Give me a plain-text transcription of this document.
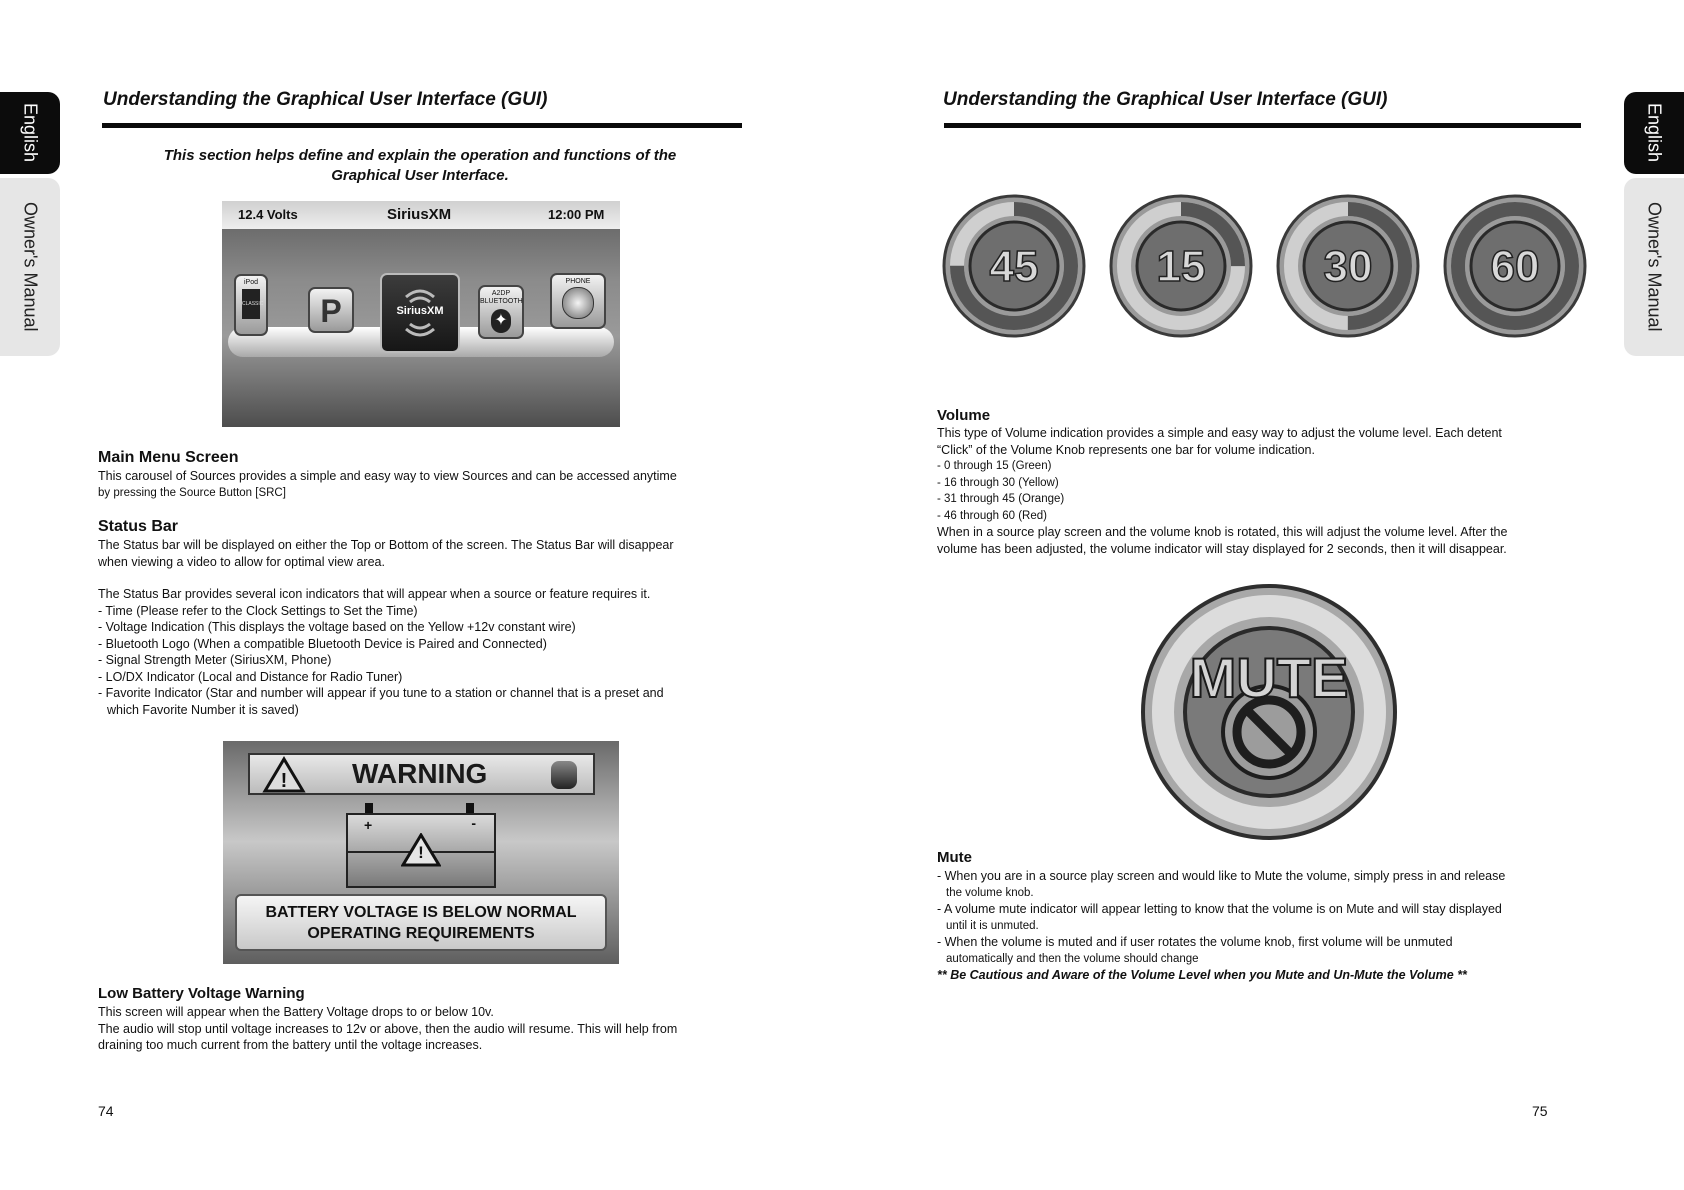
English
Owner's Manual
Understanding the Graphical User Interface (GUI)
This section helps define and explain the operation and functions of the
Graphical User Interface.
12.4 Volts	SiriusXM	12:00 PM
iPod
CLASSIC	P	SiriusXM
A2DP
BLUETOOTH
✦
PHONE
Main Menu Screen

This carousel of Sources provides a simple and easy way to view Sources and can be accessed anytime

by pressing the Source Button [SRC]

Status Bar

The Status bar will be displayed on either the Top or Bottom of the screen. The Status Bar will disappear

when viewing a video to allow for optimal view area.

The Status Bar provides several icon indicators that will appear when a source or feature requires it.

- Time (Please refer to the Clock Settings to Set the Time)

- Voltage Indication (This displays the voltage based on the Yellow +12v constant wire)

- Bluetooth Logo (When a compatible Bluetooth Device is Paired and Connected)

- Signal Strength Meter (SiriusXM, Phone)

- LO/DX Indicator (Local and Distance for Radio Tuner)

- Favorite Indicator (Star and number will appear if you tune to a station or channel that is a preset and

which Favorite Number it is saved)

! WARNING
+	-
!
BATTERY VOLTAGE IS BELOW NORMAL
OPERATING REQUIREMENTS
Low Battery Voltage Warning

This screen will appear when the Battery Voltage drops to or below 10v.

The audio will stop until voltage increases to 12v or above, then the audio will resume. This will help from

draining too much current from the battery until the voltage increases.

74
English
Owner's Manual
Understanding the Graphical User Interface (GUI)
45	15	30	60
Volume

This type of Volume indication provides a simple and easy way to adjust the volume level. Each detent

“Click” of the Volume Knob represents one bar for volume indication.

- 0 through 15 (Green)

- 16 through 30 (Yellow)

- 31 through 45 (Orange)

- 46 through 60 (Red)

When in a source play screen and the volume knob is rotated, this will adjust the volume level. After the

volume has been adjusted, the volume indicator will stay displayed for 2 seconds, then it will disappear.

MUTE
Mute

- When you are in a source play screen and would like to Mute the volume, simply press in and release

the volume knob.

- A volume mute indicator will appear letting to know that the volume is on Mute and will stay displayed

until it is unmuted.

- When the volume is muted and if user rotates the volume knob, first volume will be unmuted

automatically and then the volume should change

** Be Cautious and Aware of the Volume Level when you Mute and Un-Mute the Volume **

75
